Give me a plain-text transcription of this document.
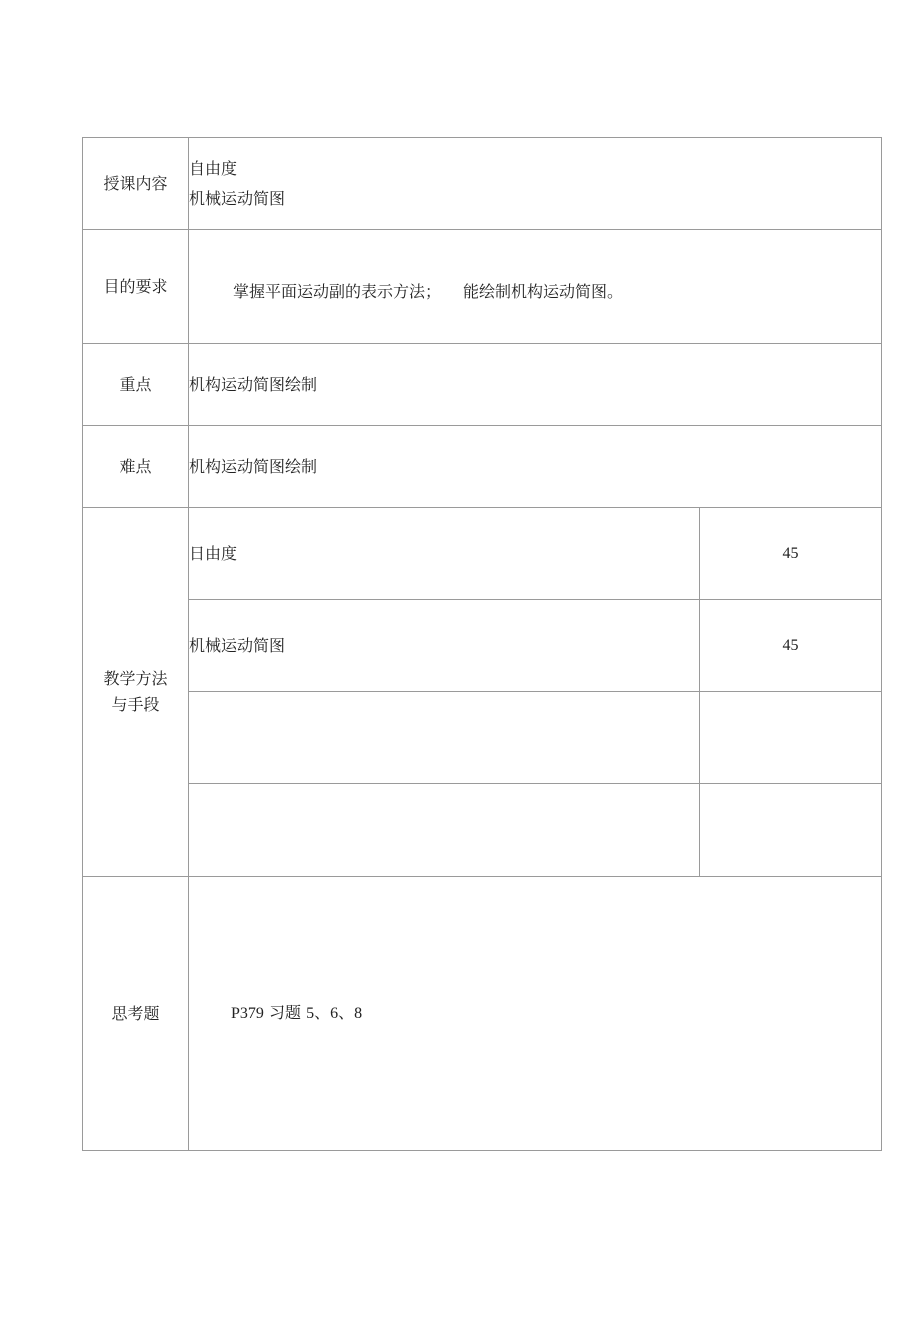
授课内容	自由度
机械运动简图	

目的要求	掌握平面运动副的表示方法； 能绘制机构运动简图。	
重点	机构运动简图绘制	
难点	机构运动简图绘制	

教学方法
与手段	日由度	45
	机械运动简图	45

思考题	P379 习题 5、6、8	
